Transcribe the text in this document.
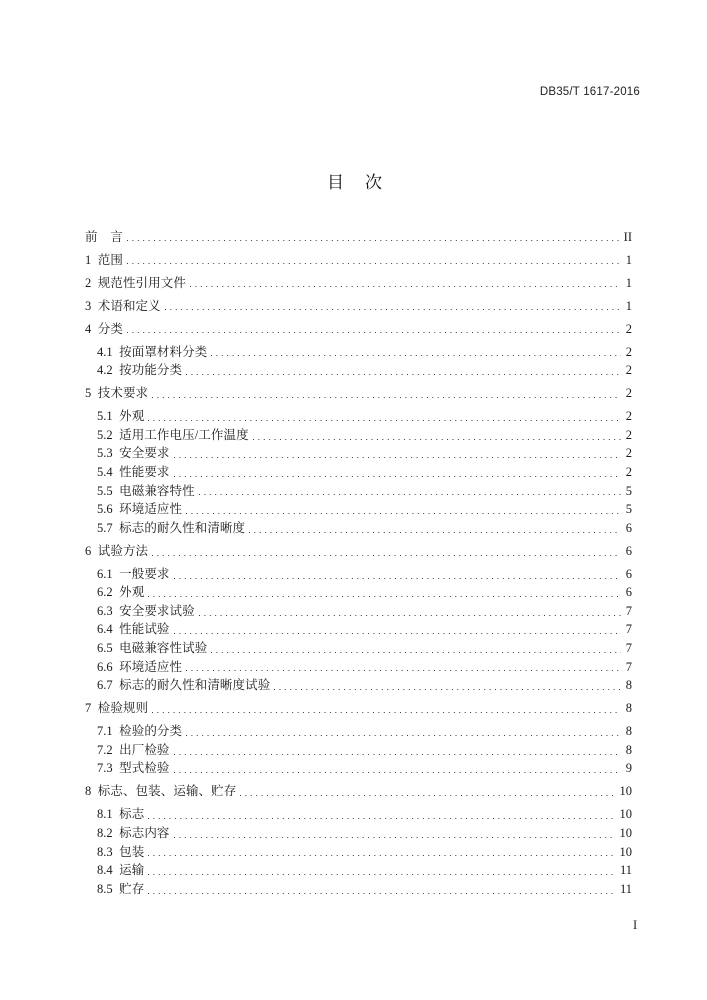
DB35/T 1617-2016
目　次
前　言	II
1 范围	1
2 规范性引用文件	1
3 术语和定义	1
4 分类	2
4.1 按面罩材料分类	2
4.2 按功能分类	2
5 技术要求	2
5.1 外观	2
5.2 适用工作电压/工作温度	2
5.3 安全要求	2
5.4 性能要求	2
5.5 电磁兼容特性	5
5.6 环境适应性	5
5.7 标志的耐久性和清晰度	6
6 试验方法	6
6.1 一般要求	6
6.2 外观	6
6.3 安全要求试验	7
6.4 性能试验	7
6.5 电磁兼容性试验	7
6.6 环境适应性	7
6.7 标志的耐久性和清晰度试验	8
7 检验规则	8
7.1 检验的分类	8
7.2 出厂检验	8
7.3 型式检验	9
8 标志、包装、运输、贮存	10
8.1 标志	10
8.2 标志内容	10
8.3 包装	10
8.4 运输	11
8.5 贮存	11
I
